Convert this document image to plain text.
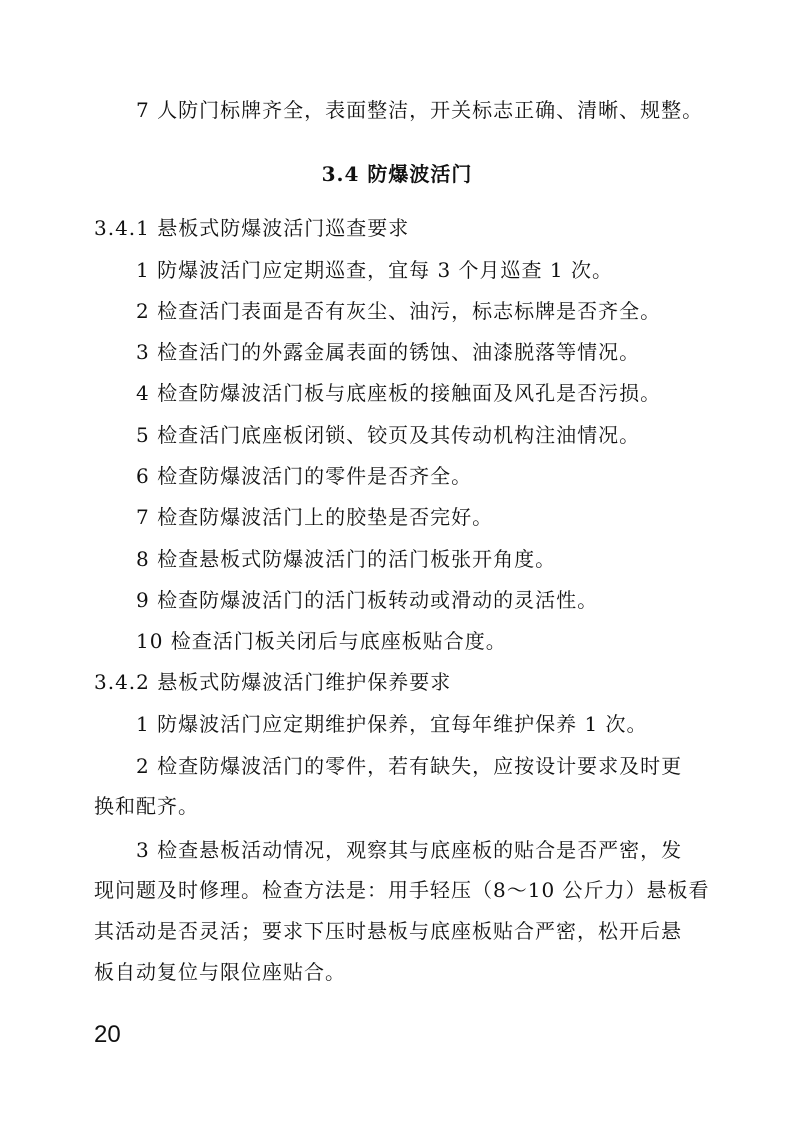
7 人防门标牌齐全，表面整洁，开关标志正确、清晰、规整。
3.4 防爆波活门
3.4.1 悬板式防爆波活门巡查要求
1 防爆波活门应定期巡查，宜每 3 个月巡查 1 次。
2 检查活门表面是否有灰尘、油污，标志标牌是否齐全。
3 检查活门的外露金属表面的锈蚀、油漆脱落等情况。
4 检查防爆波活门板与底座板的接触面及风孔是否污损。
5 检查活门底座板闭锁、铰页及其传动机构注油情况。
6 检查防爆波活门的零件是否齐全。
7 检查防爆波活门上的胶垫是否完好。
8 检查悬板式防爆波活门的活门板张开角度。
9 检查防爆波活门的活门板转动或滑动的灵活性。
10 检查活门板关闭后与底座板贴合度。
3.4.2 悬板式防爆波活门维护保养要求
1 防爆波活门应定期维护保养，宜每年维护保养 1 次。
2 检查防爆波活门的零件，若有缺失，应按设计要求及时更
换和配齐。
3 检查悬板活动情况，观察其与底座板的贴合是否严密，发
现问题及时修理。检查方法是：用手轻压（8～10 公斤力）悬板看
其活动是否灵活；要求下压时悬板与底座板贴合严密，松开后悬
板自动复位与限位座贴合。
20
